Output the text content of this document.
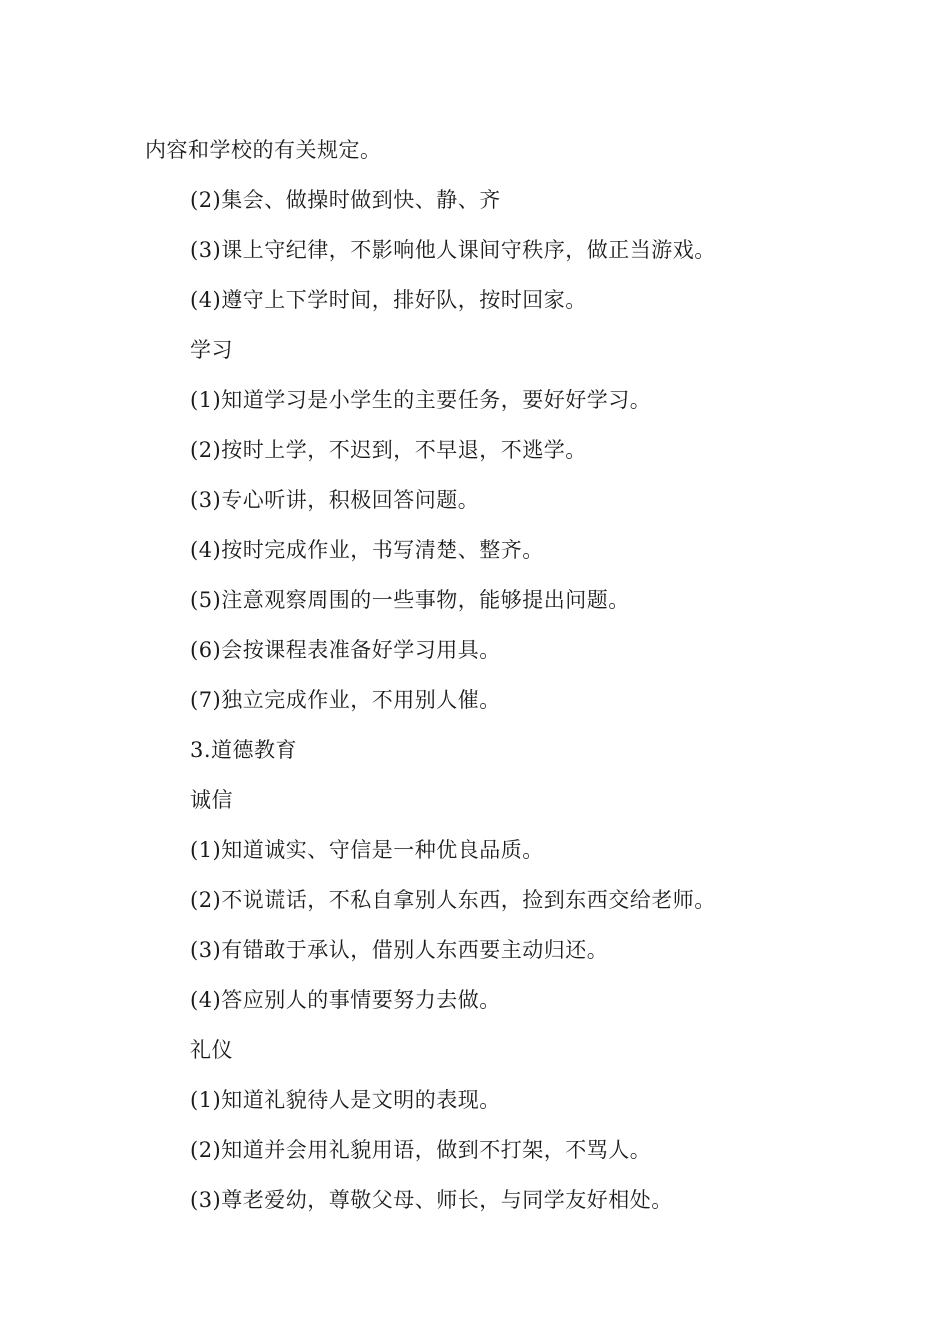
内容和学校的有关规定。
(2)集会、做操时做到快、静、齐
(3)课上守纪律，不影响他人课间守秩序，做正当游戏。
(4)遵守上下学时间，排好队，按时回家。
学习
(1)知道学习是小学生的主要任务，要好好学习。
(2)按时上学，不迟到，不早退，不逃学。
(3)专心听讲，积极回答问题。
(4)按时完成作业，书写清楚、整齐。
(5)注意观察周围的一些事物，能够提出问题。
(6)会按课程表准备好学习用具。
(7)独立完成作业，不用别人催。
3.道德教育
诚信
(1)知道诚实、守信是一种优良品质。
(2)不说谎话，不私自拿别人东西，捡到东西交给老师。
(3)有错敢于承认，借别人东西要主动归还。
(4)答应别人的事情要努力去做。
礼仪
(1)知道礼貌待人是文明的表现。
(2)知道并会用礼貌用语，做到不打架，不骂人。
(3)尊老爱幼，尊敬父母、师长，与同学友好相处。
